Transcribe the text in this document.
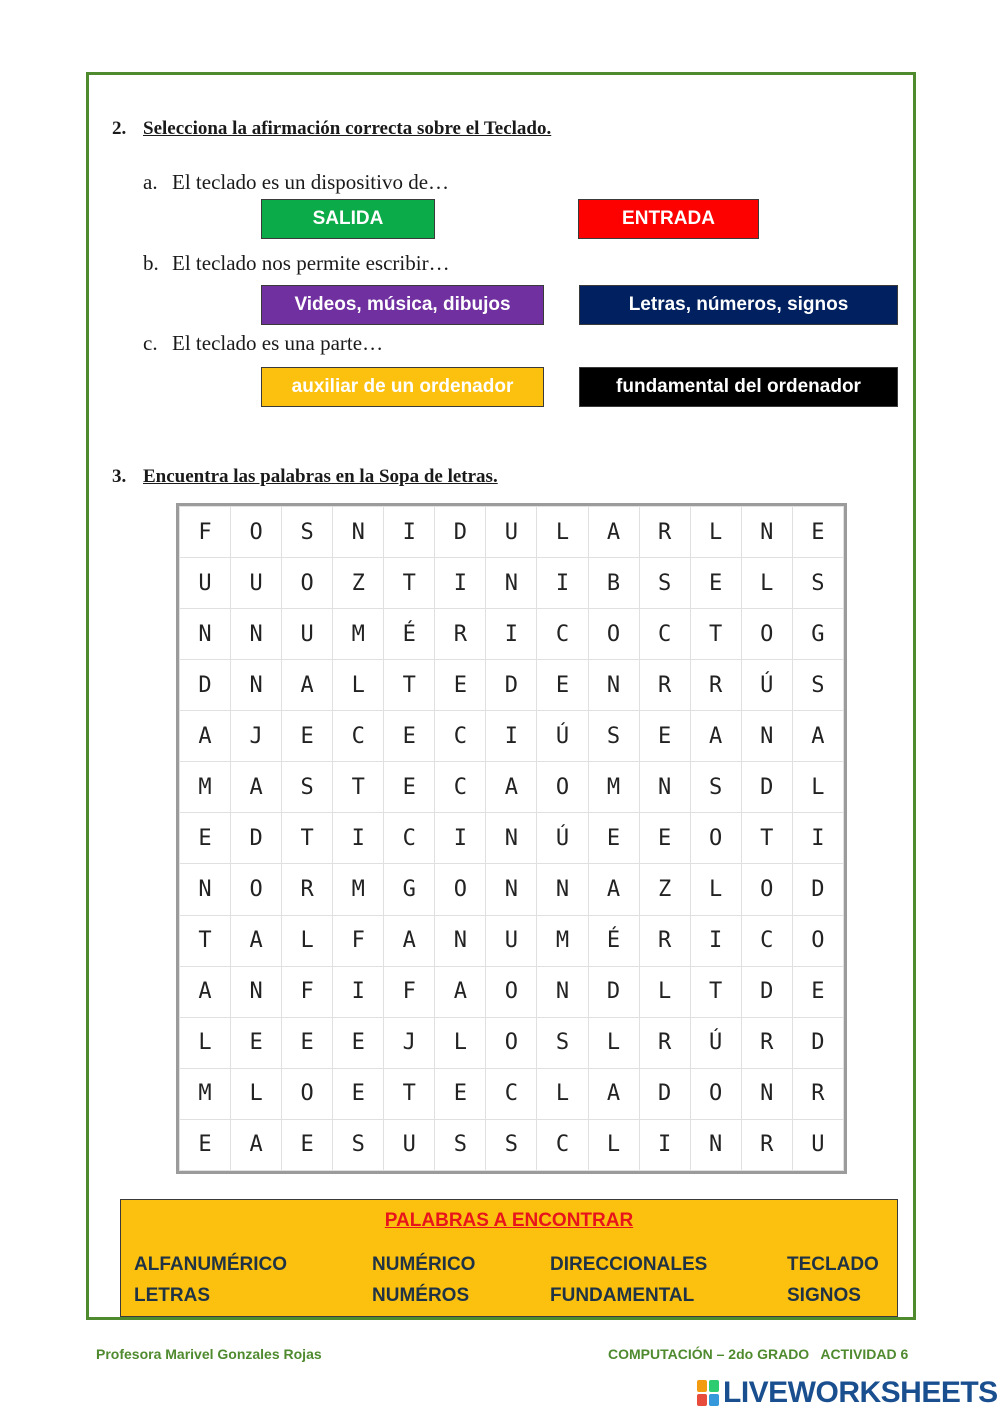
2. Selecciona la afirmación correcta sobre el Teclado.
a. El teclado es un dispositivo de…
SALIDA	ENTRADA
b. El teclado nos permite escribir…
Videos, música, dibujos	Letras, números, signos
c. El teclado es una parte…
auxiliar de un ordenador	fundamental del ordenador
3. Encuentra las palabras en la Sopa de letras.
F	O	S	N	I	D	U	L	A	R	L	N	E
U	U	O	Z	T	I	N	I	B	S	E	L	S
N	N	U	M	É	R	I	C	O	C	T	O	G
D	N	A	L	T	E	D	E	N	R	R	Ú	S
A	J	E	C	E	C	I	Ú	S	E	A	N	A
M	A	S	T	E	C	A	O	M	N	S	D	L
E	D	T	I	C	I	N	Ú	E	E	O	T	I
N	O	R	M	G	O	N	N	A	Z	L	O	D
T	A	L	F	A	N	U	M	É	R	I	C	O
A	N	F	I	F	A	O	N	D	L	T	D	E
L	E	E	E	J	L	O	S	L	R	Ú	R	D
M	L	O	E	T	E	C	L	A	D	O	N	R
E	A	E	S	U	S	S	C	L	I	N	R	U
PALABRAS A ENCONTRAR
ALFANUMÉRICO	NUMÉRICO	DIRECCIONALES	TECLADO
LETRAS	NUMÉROS	FUNDAMENTAL	SIGNOS
Profesora Marivel Gonzales Rojas	COMPUTACIÓN – 2do GRADO   ACTIVIDAD 6
LIVEWORKSHEETS
